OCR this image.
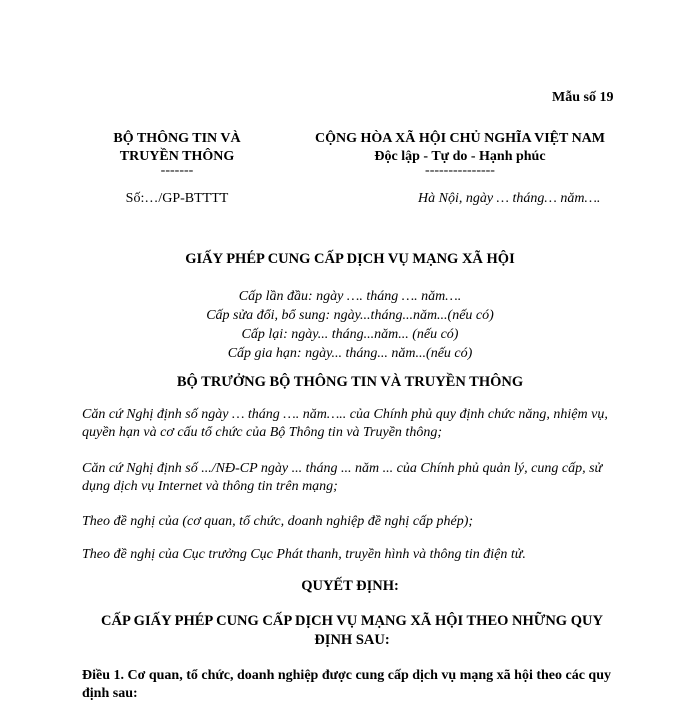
Mẫu số 19
BỘ THÔNG TIN VÀ
TRUYỀN THÔNG
-------
CỘNG HÒA XÃ HỘI CHỦ NGHĨA VIỆT NAM
Độc lập - Tự do - Hạnh phúc
---------------
Số:…/GP-BTTTT	Hà Nội, ngày … tháng… năm….
GIẤY PHÉP CUNG CẤP DỊCH VỤ MẠNG XÃ HỘI
Cấp lần đầu: ngày …. tháng …. năm….
Cấp sửa đổi, bổ sung: ngày...tháng...năm...(nếu có)
Cấp lại: ngày... tháng...năm... (nếu có)
Cấp gia hạn: ngày... tháng... năm...(nếu có)
BỘ TRƯỞNG BỘ THÔNG TIN VÀ TRUYỀN THÔNG
Căn cứ Nghị định số ngày … tháng …. năm….. của Chính phủ quy định chức năng, nhiệm vụ, quyền hạn và cơ cấu tổ chức của Bộ Thông tin và Truyền thông;
Căn cứ Nghị định số .../NĐ-CP ngày ... tháng ... năm ... của Chính phủ quản lý, cung cấp, sử dụng dịch vụ Internet và thông tin trên mạng;
Theo đề nghị của (cơ quan, tổ chức, doanh nghiệp đề nghị cấp phép);
Theo đề nghị của Cục trưởng Cục Phát thanh, truyền hình và thông tin điện tử.
QUYẾT ĐỊNH:
CẤP GIẤY PHÉP CUNG CẤP DỊCH VỤ MẠNG XÃ HỘI THEO NHỮNG QUY ĐỊNH SAU:
Điều 1. Cơ quan, tổ chức, doanh nghiệp được cung cấp dịch vụ mạng xã hội theo các quy định sau:
